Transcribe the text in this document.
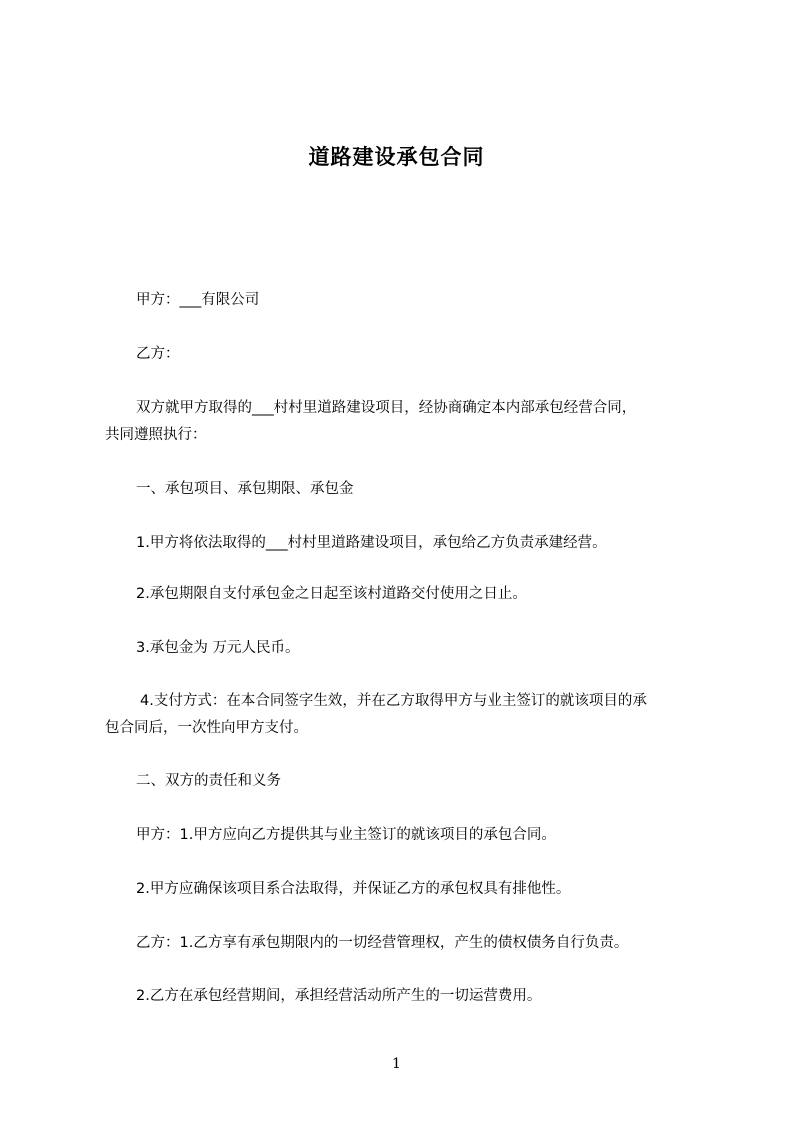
道路建设承包合同
甲方：___有限公司
乙方：
双方就甲方取得的___村村里道路建设项目，经协商确定本内部承包经营合同，
共同遵照执行：
一、承包项目、承包期限、承包金
1.甲方将依法取得的___村村里道路建设项目，承包给乙方负责承建经营。
2.承包期限自支付承包金之日起至该村道路交付使用之日止。
3.承包金为 万元人民币。
4.支付方式：在本合同签字生效，并在乙方取得甲方与业主签订的就该项目的承
包合同后，一次性向甲方支付。
二、双方的责任和义务
甲方：1.甲方应向乙方提供其与业主签订的就该项目的承包合同。
2.甲方应确保该项目系合法取得，并保证乙方的承包权具有排他性。
乙方：1.乙方享有承包期限内的一切经营管理权，产生的债权债务自行负责。
2.乙方在承包经营期间，承担经营活动所产生的一切运营费用。
1
